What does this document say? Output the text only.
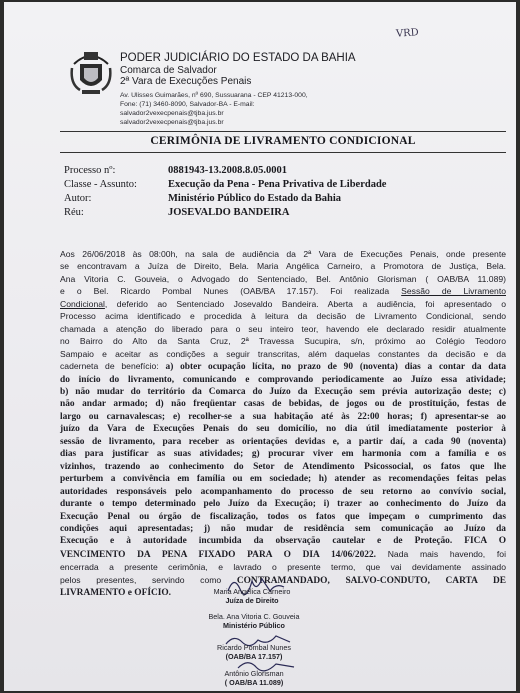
VRD
PODER JUDICIÁRIO DO ESTADO DA BAHIA
Comarca de Salvador
2ª Vara de Execuções Penais
Av. Ulisses Guimarães, nº 690, Sussuarana - CEP 41213-000,
Fone: (71) 3460-8090, Salvador-BA - E-mail:
salvador2vexecpenais@tjba.jus.br
salvador2vexecpenais@tjba.jus.br
CERIMÔNIA DE LIVRAMENTO CONDICIONAL
Processo nº:	0881943-13.2008.8.05.0001
Classe - Assunto:	Execução da Pena - Pena Privativa de Liberdade
Autor:	Ministério Público do Estado da Bahia
Réu:	JOSEVALDO BANDEIRA
Aos 26/06/2018 às 08:00h, na sala de audiência da 2ª Vara de Execuções Penais, onde presente
se encontravam a Juíza de Direito, Bela. Maria Angélica Carneiro, a Promotora de Justiça, Bela.
Ana Vitoria C. Gouveia, o Advogado do Sentenciado, Bel. Antônio Glorisman ( OAB/BA 11.089)
e o Bel. Ricardo Pombal Nunes (OAB/BA 17.157). Foi realizada Sessão de Livramento
Condicional, deferido ao Sentenciado Josevaldo Bandeira. Aberta a audiência, foi apresentado o
Processo acima identificado e procedida à leitura da decisão de Livramento Condicional, sendo
chamada a atenção do liberado para o seu inteiro teor, havendo ele declarado residir atualmente
no Bairro do Alto da Santa Cruz, 2ª Travessa Sucupira, s/n, próximo ao Colégio Teodoro
Sampaio e aceitar as condições a seguir transcritas, além daquelas constantes da decisão e da
caderneta de benefício: a) obter ocupação lícita, no prazo de 90 (noventa) dias a contar da data
do início do livramento, comunicando e comprovando periodicamente ao Juízo essa atividade;
b) não mudar do território da Comarca do Juízo da Execução sem prévia autorização deste; c)
não andar armado; d) não freqüentar casas de bebidas, de jogos ou de prostituição, festas de
largo ou carnavalescas; e) recolher-se a sua habitação até às 22:00 horas; f) apresentar-se ao
juízo da Vara de Execuções Penais do seu domicílio, no dia útil imediatamente posterior à
sessão de livramento, para receber as orientações devidas e, a partir daí, a cada 90 (noventa)
dias para justificar as suas atividades; g) procurar viver em harmonia com a família e os
vizinhos, trazendo ao conhecimento do Setor de Atendimento Psicossocial, os fatos que lhe
perturbem a convivência em família ou em sociedade; h) atender as recomendações feitas pelas
autoridades responsáveis pelo acompanhamento do processo de seu retorno ao convívio social,
durante o tempo determinado pelo Juízo da Execução; i) trazer ao conhecimento do Juízo da
Execução Penal ou órgão de fiscalização, todos os fatos que impeçam o cumprimento das
condições aqui apresentadas; j) não mudar de residência sem comunicação ao Juízo da
Execução e à autoridade incumbida da observação cautelar e de Proteção. FICA O
VENCIMENTO DA PENA FIXADO PARA O DIA 14/06/2022. Nada mais havendo, foi
encerrada a presente cerimônia, e lavrado o presente termo, que vai devidamente assinado
pelos presentes, servindo como CONTRAMANDADO, SALVO-CONDUTO, CARTA DE
LIVRAMENTO e OFÍCIO.	Maria Angélica Carneiro
Juíza de Direito
Bela. Ana Vitoria C. Gouveia
Ministério Público
Ricardo Pombal Nunes
(OAB/BA 17.157)
Antônio Glorisman
( OAB/BA 11.089)
